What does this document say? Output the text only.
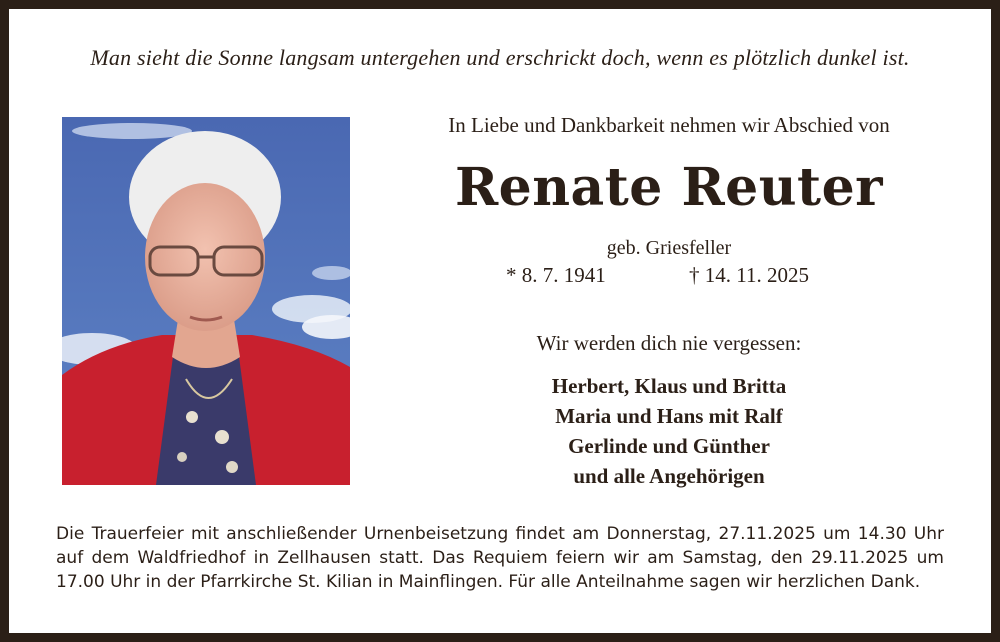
Man sieht die Sonne langsam untergehen und erschrickt doch, wenn es plötzlich dunkel ist.
In Liebe und Dankbarkeit nehmen wir Abschied von
Renate Reuter
geb. Griesfeller
* 8. 7. 1941	† 14. 11. 2025
Wir werden dich nie vergessen:
Herbert, Klaus und Britta
Maria und Hans mit Ralf
Gerlinde und Günther
und alle Angehörigen
Die Trauerfeier mit anschließender Urnenbeisetzung findet am Donnerstag, 27.11.2025 um 14.30 Uhr auf dem Waldfriedhof in Zellhausen statt. Das Requiem feiern wir am Samstag, den 29.11.2025 um 17.00 Uhr in der Pfarrkirche St. Kilian in Mainflingen. Für alle Anteilnahme sagen wir herzlichen Dank.
